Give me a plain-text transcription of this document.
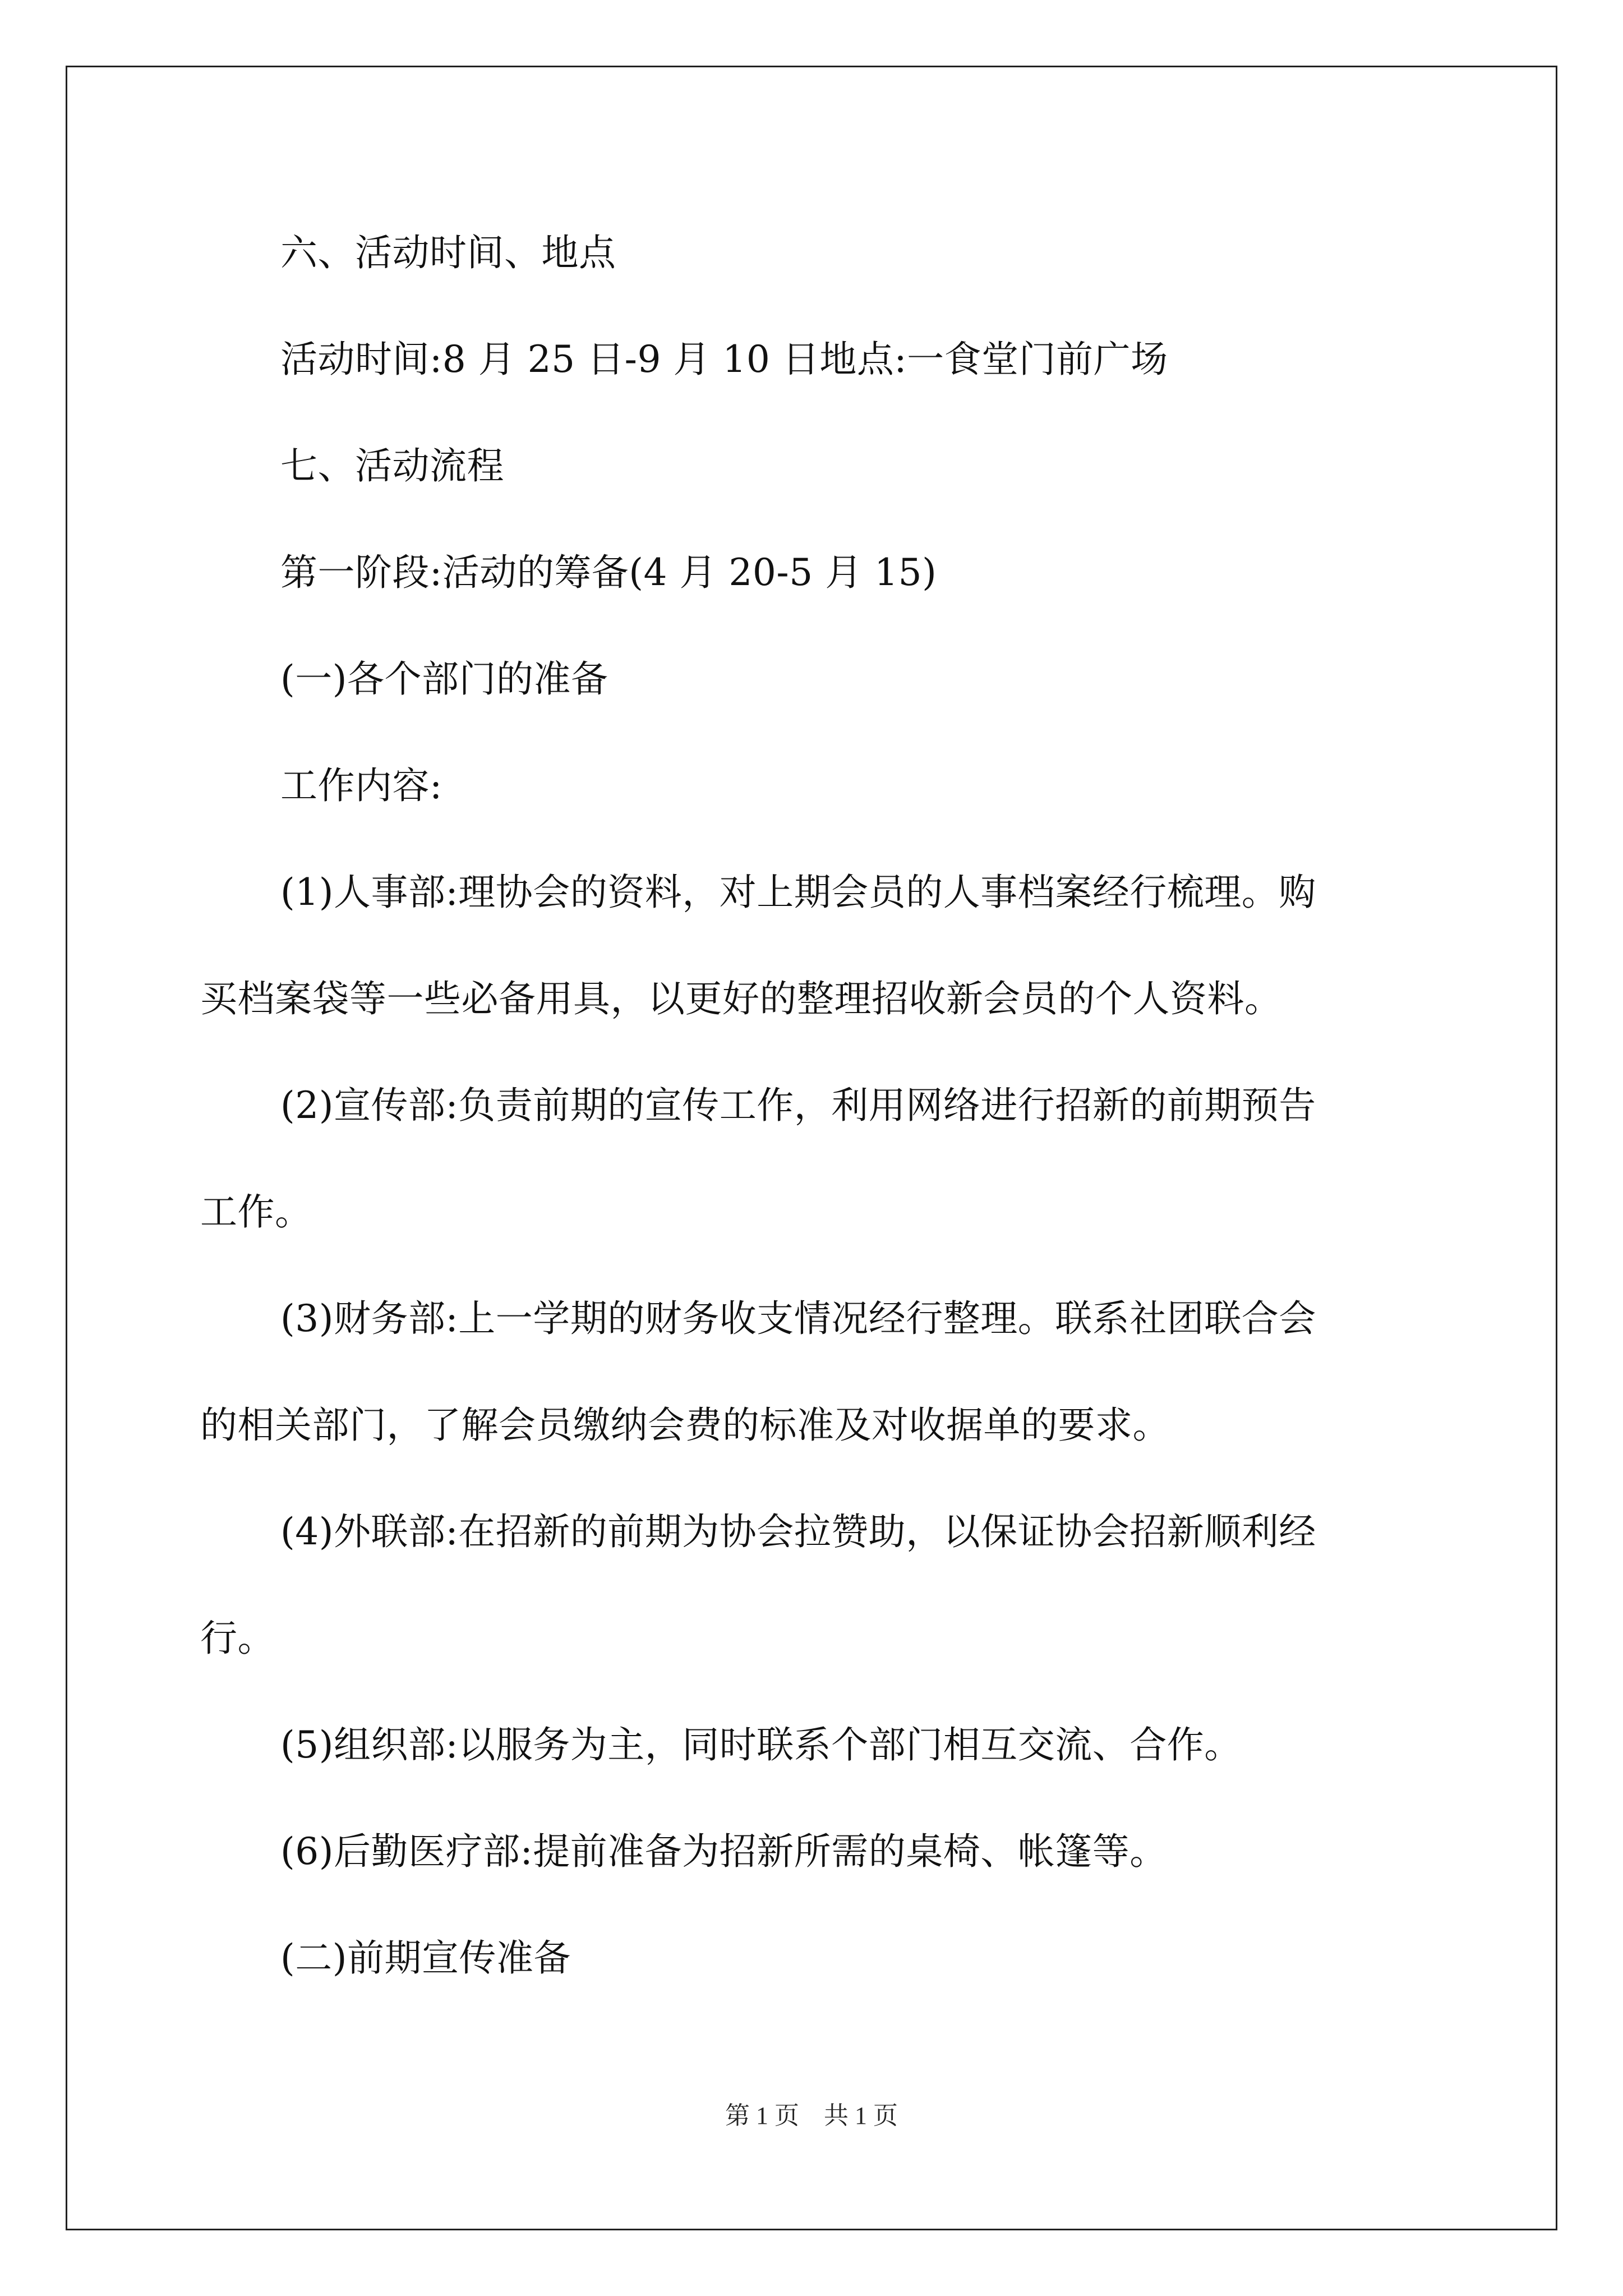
六、活动时间、地点

活动时间:8 月 25 日-9 月 10 日地点:一食堂门前广场

七、活动流程

第一阶段:活动的筹备(4 月 20-5 月 15)

(一)各个部门的准备

工作内容:

(1)人事部:理协会的资料，对上期会员的人事档案经行梳理。购

买档案袋等一些必备用具，以更好的整理招收新会员的个人资料。

(2)宣传部:负责前期的宣传工作，利用网络进行招新的前期预告

工作。

(3)财务部:上一学期的财务收支情况经行整理。联系社团联合会

的相关部门，了解会员缴纳会费的标准及对收据单的要求。

(4)外联部:在招新的前期为协会拉赞助，以保证协会招新顺利经

行。

(5)组织部:以服务为主，同时联系个部门相互交流、合作。

(6)后勤医疗部:提前准备为招新所需的桌椅、帐篷等。

(二)前期宣传准备

第 1 页　共 1 页
